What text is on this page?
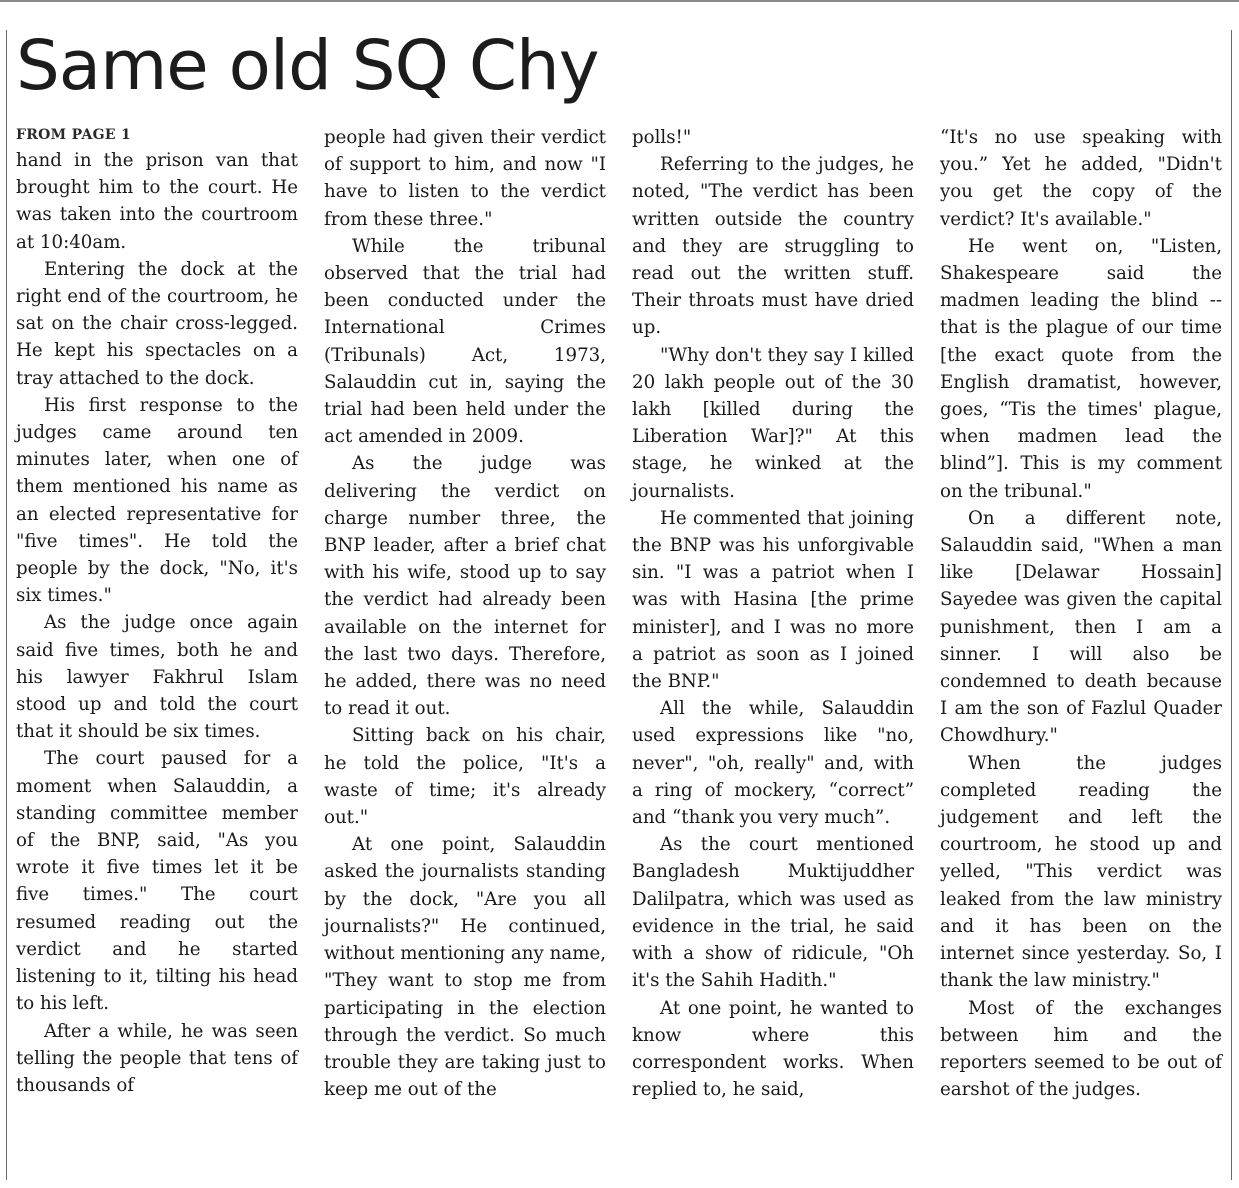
Same old SQ Chy
FROM PAGE 1

hand in the prison van that brought him to the court. He was taken into the courtroom at 10:40am.

Entering the dock at the right end of the courtroom, he sat on the chair cross-legged. He kept his spectacles on a tray attached to the dock.

His first response to the judges came around ten minutes later, when one of them mentioned his name as an elected representative for "five times". He told the people by the dock, "No, it's six times."

As the judge once again said five times, both he and his lawyer Fakhrul Islam stood up and told the court that it should be six times.

The court paused for a moment when Salauddin, a standing committee member of the BNP, said, "As you wrote it five times let it be five times." The court resumed reading out the verdict and he started listening to it, tilting his head to his left.

After a while, he was seen telling the people that tens of thousands of

people had given their verdict of support to him, and now "I have to listen to the verdict from these three."

While the tribunal observed that the trial had been conducted under the International Crimes (Tribunals) Act, 1973, Salauddin cut in, saying the trial had been held under the act amended in 2009.

As the judge was delivering the verdict on charge number three, the BNP leader, after a brief chat with his wife, stood up to say the verdict had already been available on the internet for the last two days. Therefore, he added, there was no need to read it out.

Sitting back on his chair, he told the police, "It's a waste of time; it's already out."

At one point, Salauddin asked the journalists standing by the dock, "Are you all journalists?" He continued, without mentioning any name, "They want to stop me from participating in the election through the verdict. So much trouble they are taking just to keep me out of the

polls!"

Referring to the judges, he noted, "The verdict has been written outside the country and they are struggling to read out the written stuff. Their throats must have dried up.

"Why don't they say I killed 20 lakh people out of the 30 lakh [killed during the Liberation War]?" At this stage, he winked at the journalists.

He commented that joining the BNP was his unforgivable sin. "I was a patriot when I was with Hasina [the prime minister], and I was no more a patriot as soon as I joined the BNP."

All the while, Salauddin used expressions like "no, never", "oh, really" and, with a ring of mockery, “correct” and “thank you very much”.

As the court mentioned Bangladesh Muktijuddher Dalilpatra, which was used as evidence in the trial, he said with a show of ridicule, "Oh it's the Sahih Hadith."

At one point, he wanted to know where this correspondent works. When replied to, he said,

“It's no use speaking with you.” Yet he added, "Didn't you get the copy of the verdict? It's available."

He went on, "Listen, Shakespeare said the madmen leading the blind -- that is the plague of our time [the exact quote from the English dramatist, however, goes, “Tis the times' plague, when madmen lead the blind”]. This is my comment on the tribunal."

On a different note, Salauddin said, "When a man like [Delawar Hossain] Sayedee was given the capital punishment, then I am a sinner. I will also be condemned to death because I am the son of Fazlul Quader Chowdhury."

When the judges completed reading the judgement and left the courtroom, he stood up and yelled, "This verdict was leaked from the law ministry and it has been on the internet since yesterday. So, I thank the law ministry."

Most of the exchanges between him and the reporters seemed to be out of earshot of the judges.
